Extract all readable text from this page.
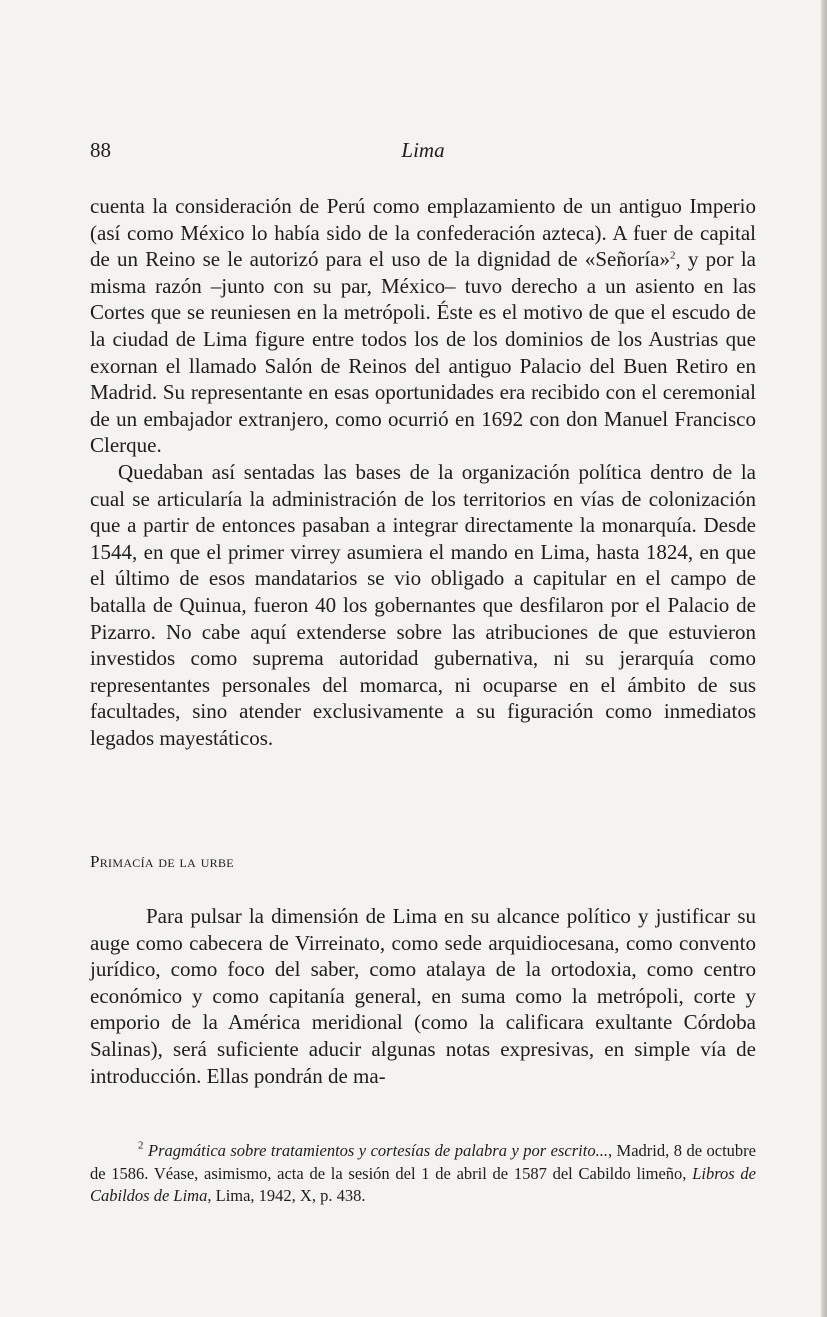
88	Lima

cuenta la consideración de Perú como emplazamiento de un antiguo Imperio (así como México lo había sido de la confederación azteca). A fuer de capital de un Reino se le autorizó para el uso de la dignidad de «Señoría»$^2$, y por la misma razón –junto con su par, México– tuvo derecho a un asiento en las Cortes que se reuniesen en la metrópoli. Éste es el motivo de que el escudo de la ciudad de Lima figure entre todos los de los dominios de los Austrias que exornan el llamado Salón de Reinos del antiguo Palacio del Buen Retiro en Madrid. Su representante en esas oportunidades era recibido con el ceremonial de un embajador extranjero, como ocurrió en 1692 con don Manuel Francisco Clerque.

Quedaban así sentadas las bases de la organización política dentro de la cual se articularía la administración de los territorios en vías de colonización que a partir de entonces pasaban a integrar directamente la monarquía. Desde 1544, en que el primer virrey asumiera el mando en Lima, hasta 1824, en que el último de esos mandatarios se vio obligado a capitular en el campo de batalla de Quinua, fueron 40 los gobernantes que desfilaron por el Palacio de Pizarro. No cabe aquí extenderse sobre las atribuciones de que estuvieron investidos como suprema autoridad gubernativa, ni su jerarquía como representantes personales del momarca, ni ocuparse en el ámbito de sus facultades, sino atender exclusivamente a su figuración como inmediatos legados mayestáticos.

Primacía de la urbe

Para pulsar la dimensión de Lima en su alcance político y justificar su auge como cabecera de Virreinato, como sede arquidiocesana, como convento jurídico, como foco del saber, como atalaya de la ortodoxia, como centro económico y como capitanía general, en suma como la metrópoli, corte y emporio de la América meridional (como la calificara exultante Córdoba Salinas), será suficiente aducir algunas notas expresivas, en simple vía de introducción. Ellas pondrán de ma-

$^2$ Pragmática sobre tratamientos y cortesías de palabra y por escrito..., Madrid, 8 de octubre de 1586. Véase, asimismo, acta de la sesión del 1 de abril de 1587 del Cabildo limeño, Libros de Cabildos de Lima, Lima, 1942, X, p. 438.
